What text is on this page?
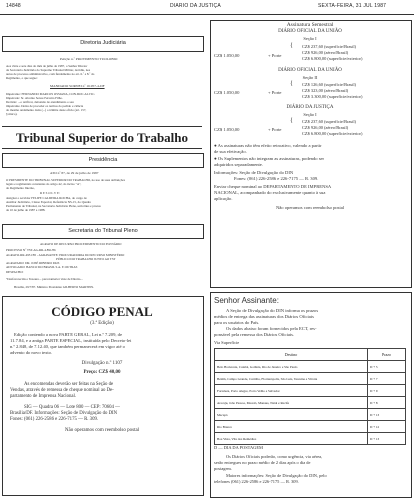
14848	DIARIO DA JUSTIÇA	SEXTA-FEIRA, 31 JUL 1987
Diretoria Judiciária
Petição n.º PROVIMENTO TUOLOBIO
Aos vinte e sete dias do mês de julho de 1987, o Senhor Diretor
da Secretaria Judiciária do Supremo Tribunal Militar, decidiu, nos
autos de processo administrativo, com fundamento no art. 6.º e 8.º do
Regimento, o que segue:
MANDADO SORNEI nº 16.957-4-DF
Impetrante: FERNANDO MARCOS OSSIANA, CON.DOC.ALI SC.
Impetrado: Sr. Alcenio Sonos Ferreira Filho.
Decisão: ...o retificar, deixando de atendimento o seu
impetrante. Deixa de proceder os termos do pedido e ciência
do mesmo andamento dada (...) o trâmite deste ofício (art. 157,
§ único).
Tribunal Superior do Trabalho
Presidência
ATO nº 87, de 29 de julho de 1987
O PRESIDENTE DO TRIBUNAL SUPERIOR DO TRABALHO, no uso de suas atribuições
legais e regimentais constantes do artigo 42, do inciso "A",
do Regimento Interno,
R E S O L V E:
designar o servidor FELIPE CALDEIRA ROCHA, do cargo de
Auxiliar Judiciário, Classe Especial, Referência NS-15, do Quadro
Permanente do Tribunal, na Secretaria Judiciária Plena, sem ônus e prazos
de 10 de julho de 1987 a 1988.
Secretaria do Tribunal Pleno
AGRAVO DE RECURSO PROCEDIMENTO DO PLENÁRIO
PROCESSO Nº TST-AG-RR-4.891/86
AGRAVO-RR-4951/85 - AGRAVANTE: PROCURADORIA DO RECURSO MINISTÉRIO
PÚBLICO DO TRABALHO JUNTO AO TST
AGRAVADO: DR. JOSÉ RIBEIRO PAIS
ADVOGADO: BANCO DO BRASIL S.A. E OUTRAS
DESPACHO:
"Desfavorecida o Tesouro... para nanterter viste de Direito...
Brasília, 29/7/87. Ministro Presidente GILBERTO MARTINS.
CÓDIGO PENAL
(3.ª Edição)
Edição contendo a nova PARTE GERAL, Lei n.º 7.209, de
11.7.84, e a antiga PARTE ESPECIAL, instituída pelo Decreto-lei
n.º 2.848, de 7.12.40, que também permanecerá em vigor até o
advento do novo texto.
Divulgação n.º 1107
Preço: CZ$ 40,00
As encomendas deverão ser feitas na Seção de
Vendas, através de remessa de cheque nominal ao De-
partamento de Imprensa Nacional.
SIG — Quadra 06 — Lote 800 — CEP: 70604 —
Brasília/DF. Informações: Seção de Divulgação do DIN
Fones: (061) 226-2586 e 226-7175 — R. 309.
Não operamos com reembolso postal
Assinatura Semestral
DIÁRIO OFICIAL DA UNIÃO
Seção I
CZ$ 1.050,00	+ Porte
{ CZ$ 237,60 (superfície/Brasil)
CZ$ 926,00 (aéreo/Brasil)
CZ$ 6.800,00 (superfície/exterior)
DIÁRIO OFICIAL DA UNIÃO
Seção II
CZ$ 1.050,00	+ Porte
{ CZ$ 126,60 (superfície/Brasil)
CZ$ 323,00 (aéreo/Brasil)
CZ$ 3.300,00 (superfície/exterior)
DIÁRIO DA JUSTIÇA
Seção I
CZ$ 1.050,00	+ Porte
{ CZ$ 237,60 (superfície/Brasil)
CZ$ 926,00 (aéreo/Brasil)
CZ$ 6.800,00 (superfície/exterior)
● As assinaturas não têm efeito retroativo, valendo a partir
de sua efetivação.
● Os Suplementos não integram as assinaturas, podendo ser
adquiridos separadamente.
Informações: Seção de Divulgação do DIN
Fones: (061) 226-2586 e 226-7175 — R. 309.
Enviar cheque nominal ao DEPARTAMENTO DE IMPRENSA
NACIONAL, acompanhado do exclusivamente quanto à sua
aplicação.
Não operamos com reembolso postal
Senhor Assinante:
A Seção de Divulgação do DIN informa os prazos
médios de entrega das assinaturas dos Diários Oficiais
para os usuários do País.
Os dados abaixo foram fornecidos pela ECT, res-
ponsável pela remessa dos Diários Oficiais.
Via Superfície
Destino	Prazo
Belo Horizonte, Cuiabá, Goiânia, Rio de Janeiro e São Paulo	D + 5
Belém, Campo Grande, Curitiba, Florianópolis, São Luís, Teresina e Vitória	D + 7
Fortaleza, Porto Alegre, Porto Velho e Salvador	D + 9
Aracaju, João Pessoa, Maceió, Manaus, Natal e Recife	D + 8
Macapá	D + 13
Rio Branco	D + 12
Boa Vista, Vila dos Remédios	D + 13
D — DIA DA POSTAGEM
Os Diários Oficiais poderão, como urgência, via aérea,
serão entregues no prazo médio de 2 dias após o dia de
postagem.
Maiores informações: Seção de Divulgação do DIN, pelo
telefones (061) 226-2586 e 226-7175 — R. 309.
